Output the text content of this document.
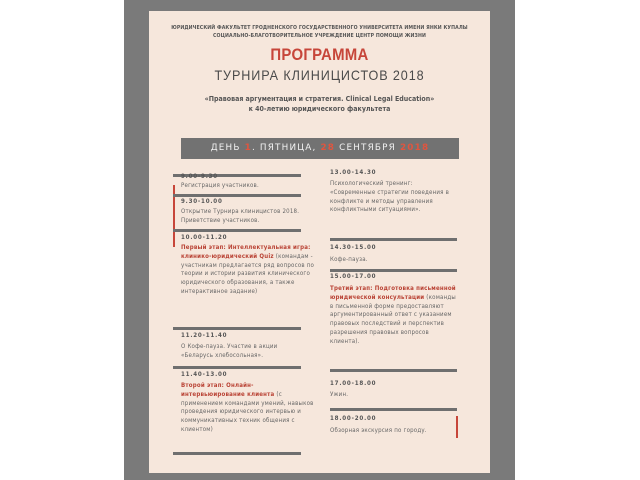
ЮРИДИЧЕСКИЙ ФАКУЛЬТЕТ ГРОДНЕНСКОГО ГОСУДАРСТВЕННОГО УНИВЕРСИТЕТА ИМЕНИ ЯНКИ КУПАЛЫ
СОЦИАЛЬНО-БЛАГОТВОРИТЕЛЬНОЕ УЧРЕЖДЕНИЕ ЦЕНТР ПОМОЩИ ЖИЗНИ
ПРОГРАММА
ТУРНИРА КЛИНИЦИСТОВ 2018
«Правовая аргументация и стратегия. Clinical Legal Education»
к 40-летию юридического факультета
ДЕНЬ 1. ПЯТНИЦА, 28 СЕНТЯБРЯ 2018
9.00-9.30
Регистрация участников.
9.30-10.00
Открытие Турнира клиницистов 2018. Приветствие участников.
10.00-11.20
Первый этап: Интеллектуальная игра: клинико-юридический Quiz (командам - участникам предлагается ряд вопросов по теории и истории развития клинического юридического образования, а также интерактивное задание)
11.20-11.40
О Кофе-пауза. Участие в акции «Беларусь хлебосольная».
11.40-13.00
Второй этап: Онлайн-интервьюирование клиента (с применением командами умений, навыков проведения юридического интервью и коммуникативных техник общения с клиентом)
13.00-14.30
Психологический тренинг: «Современные стратегии поведения в конфликте и методы управления конфликтными ситуациями».
14.30-15.00
Кофе-пауза.
15.00-17.00
Третий этап: Подготовка письменной юридической консультации (команды в письменной форме предоставляют аргументированный ответ с указанием правовых последствий и перспектив разрешения правовых вопросов клиента).
17.00-18.00
Ужин.
18.00-20.00
Обзорная экскурсия по городу.
